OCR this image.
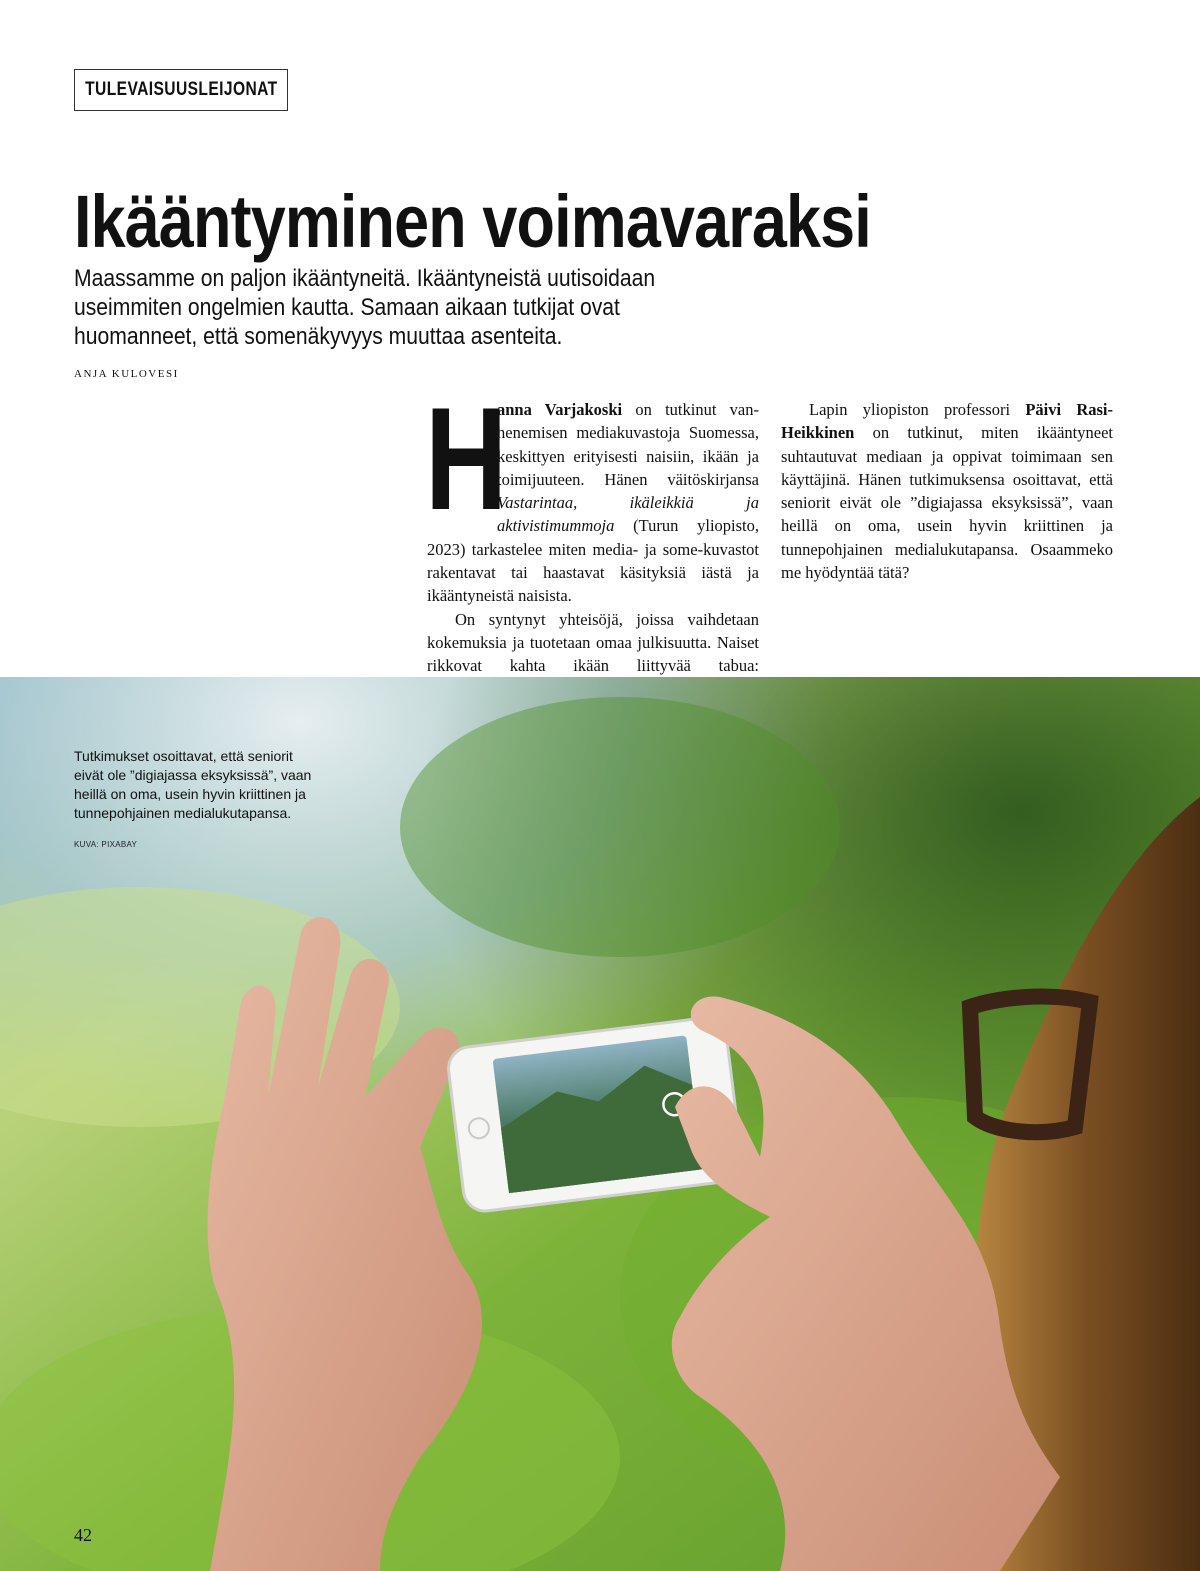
TULEVAISUUSLEIJONAT
Ikääntyminen voimavaraksi

Maassamme on paljon ikääntyneitä. Ikääntyneistä uutisoidaan useimmiten ongelmien kautta. Samaan aikaan tutkijat ovat huomanneet, että somenäkyvyys muuttaa asenteita.

ANJA KULOVESI

H
anna Varjakoski on tutkinut vanhenemisen mediakuvastoja Suomessa, keskittyen erityisesti naisiin, ikään ja toimijuuteen. Hänen väitöskirjansa Vastarintaa, ikäleikkiä ja aktivistimummoja (Turun yliopisto, 2023) tarkastelee miten media- ja some-kuvastot rakentavat tai haastavat käsityksiä iästä ja ikääntyneistä naisista.

On syntynyt yhteisöjä, joissa vaihdetaan kokemuksia ja tuotetaan omaa julkisuutta. Naiset rikkovat kahta ikään liittyvää tabua:

Lapin yliopiston professori Päivi Rasi-Heikkinen on tutkinut, miten ikääntyneet suhtautuvat mediaan ja oppivat toimimaan sen käyttäjinä. Hänen tutkimuksensa osoittavat, että seniorit eivät ole ”digiajassa eksyksissä”, vaan heillä on oma, usein hyvin kriittinen ja tunnepohjainen medialukutapansa. Osaammeko me hyödyntää tätä?

Tutkimukset osoittavat, että seniorit eivät ole ”digiajassa eksyksissä”, vaan heillä on oma, usein hyvin kriittinen ja tunnepohjainen medialukutapansa.

KUVA: PIXABAY

42
